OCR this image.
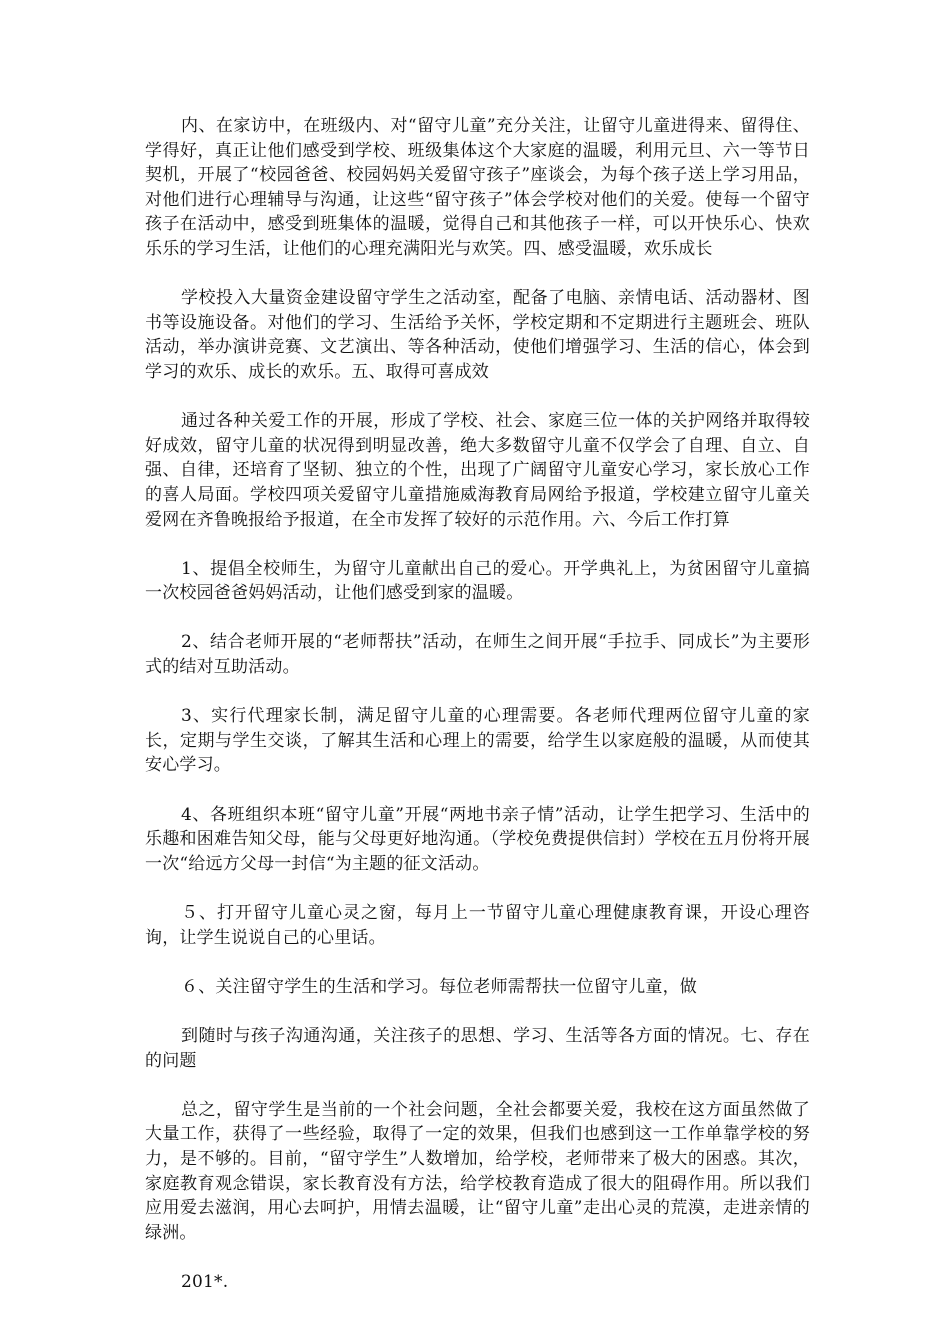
内、在家访中，在班级内、对“留守儿童”充分关注，让留守儿童进得来、留得住、学得好，真正让他们感受到学校、班级集体这个大家庭的温暖，利用元旦、六一等节日契机，开展了“校园爸爸、校园妈妈关爱留守孩子”座谈会，为每个孩子送上学习用品，对他们进行心理辅导与沟通，让这些“留守孩子”体会学校对他们的关爱。使每一个留守孩子在活动中，感受到班集体的温暖，觉得自己和其他孩子一样，可以开快乐心、快欢乐乐的学习生活，让他们的心理充满阳光与欢笑。四、感受温暖，欢乐成长

学校投入大量资金建设留守学生之活动室，配备了电脑、亲情电话、活动器材、图书等设施设备。对他们的学习、生活给予关怀，学校定期和不定期进行主题班会、班队活动，举办演讲竞赛、文艺演出、等各种活动，使他们增强学习、生活的信心，体会到学习的欢乐、成长的欢乐。五、取得可喜成效

通过各种关爱工作的开展，形成了学校、社会、家庭三位一体的关护网络并取得较好成效，留守儿童的状况得到明显改善，绝大多数留守儿童不仅学会了自理、自立、自强、自律，还培育了坚韧、独立的个性，出现了广阔留守儿童安心学习，家长放心工作的喜人局面。学校四项关爱留守儿童措施威海教育局网给予报道，学校建立留守儿童关爱网在齐鲁晚报给予报道，在全市发挥了较好的示范作用。六、今后工作打算

1、提倡全校师生，为留守儿童献出自己的爱心。开学典礼上，为贫困留守儿童搞一次校园爸爸妈妈活动，让他们感受到家的温暖。

2、结合老师开展的“老师帮扶”活动，在师生之间开展“手拉手、同成长”为主要形式的结对互助活动。

3、实行代理家长制，满足留守儿童的心理需要。各老师代理两位留守儿童的家长，定期与学生交谈，了解其生活和心理上的需要，给学生以家庭般的温暖，从而使其安心学习。

4、各班组织本班“留守儿童”开展“两地书亲子情”活动，让学生把学习、生活中的乐趣和困难告知父母，能与父母更好地沟通。（学校免费提供信封）学校在五月份将开展一次“给远方父母一封信“为主题的征文活动。

５、打开留守儿童心灵之窗，每月上一节留守儿童心理健康教育课，开设心理咨询，让学生说说自己的心里话。

６、关注留守学生的生活和学习。每位老师需帮扶一位留守儿童，做

到随时与孩子沟通沟通，关注孩子的思想、学习、生活等各方面的情况。七、存在的问题

总之，留守学生是当前的一个社会问题，全社会都要关爱，我校在这方面虽然做了大量工作，获得了一些经验，取得了一定的效果，但我们也感到这一工作单靠学校的努力，是不够的。目前，“留守学生”人数增加，给学校，老师带来了极大的困惑。其次，家庭教育观念错误，家长教育没有方法，给学校教育造成了很大的阻碍作用。所以我们应用爱去滋润，用心去呵护，用情去温暖，让“留守儿童”走出心灵的荒漠，走进亲情的绿洲。

201*.
